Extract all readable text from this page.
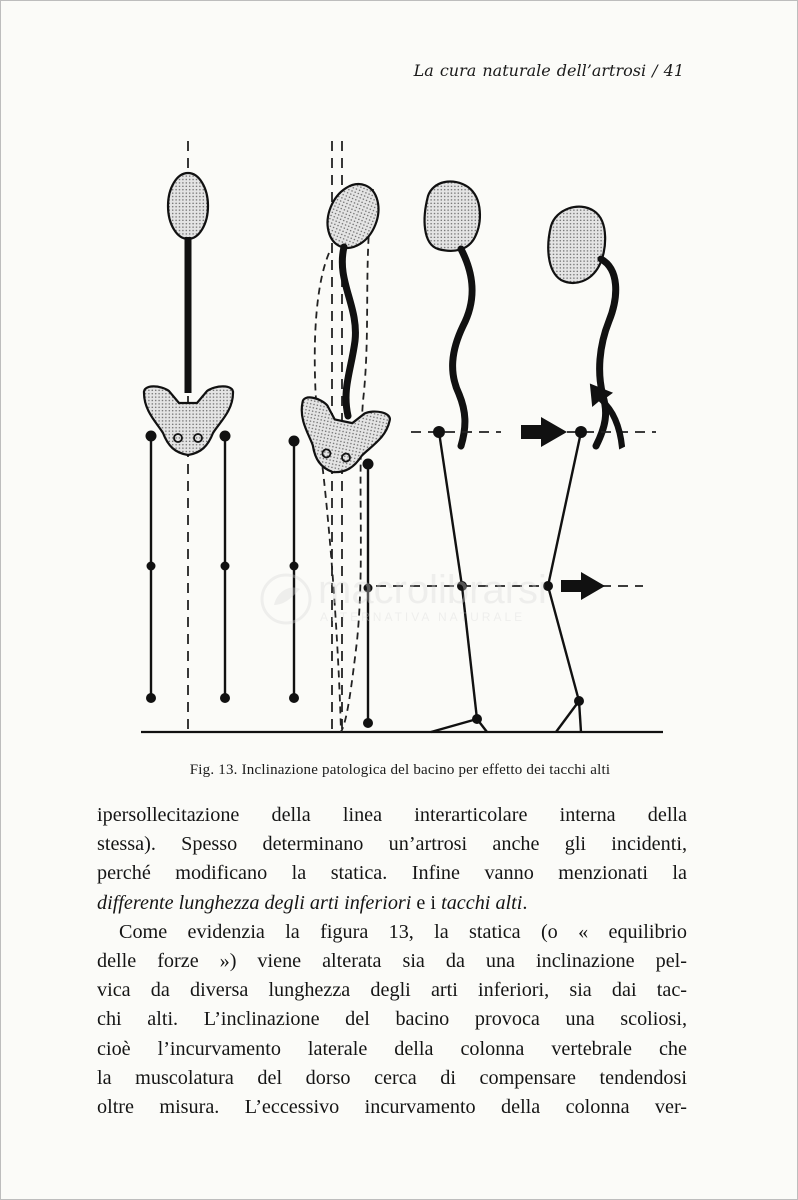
La cura naturale dell’artrosi / 41
macrolibrarsi
ALTERNATIVA NATURALE
Fig. 13. Inclinazione patologica del bacino per effetto dei tacchi alti
ipersollecitazione della linea interarticolare interna della
stessa). Spesso determinano un’artrosi anche gli incidenti,
perché modificano la statica. Infine vanno menzionati la
differente lunghezza degli arti inferiori e i tacchi alti.
Come evidenzia la figura 13, la statica (o « equilibrio
delle forze ») viene alterata sia da una inclinazione pel-
vica da diversa lunghezza degli arti inferiori, sia dai tac-
chi alti. L’inclinazione del bacino provoca una scoliosi,
cioè l’incurvamento laterale della colonna vertebrale che
la muscolatura del dorso cerca di compensare tendendosi
oltre misura. L’eccessivo incurvamento della colonna ver-
